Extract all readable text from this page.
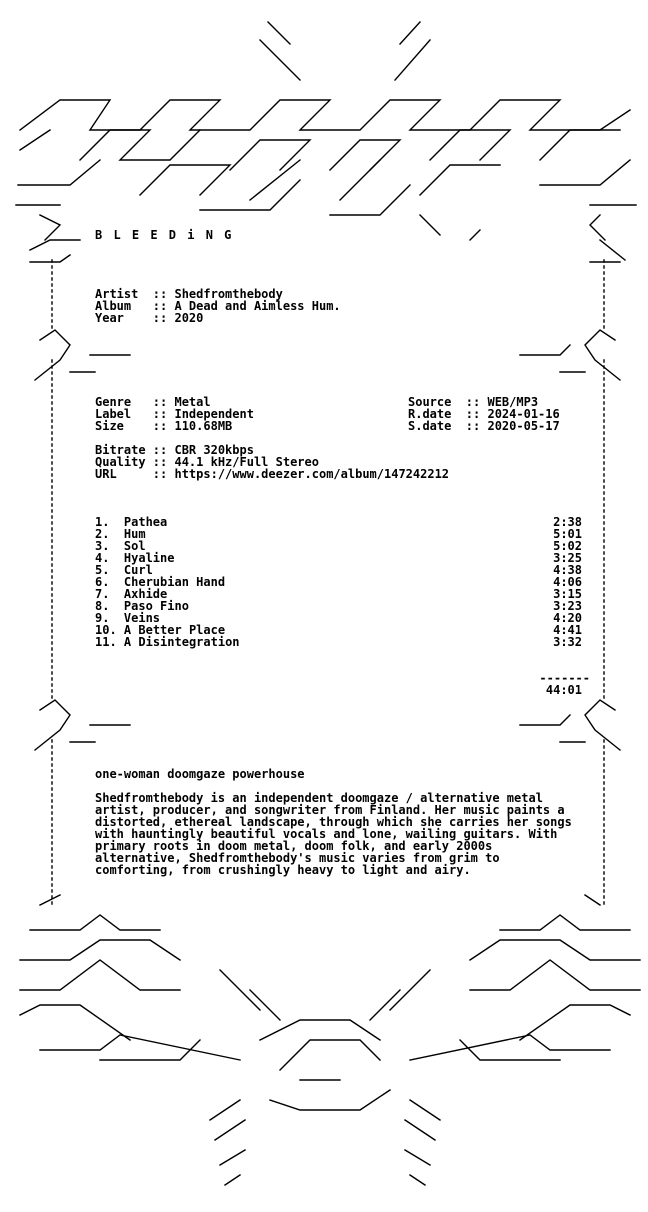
B L E E D i N G
Artist  :: Shedfromthebody
Album   :: A Dead and Aimless Hum.
Year    :: 2020
Genre   :: Metal
Label   :: Independent
Size    :: 110.68MB
Source  :: WEB/MP3
R.date  :: 2024-01-16
S.date  :: 2020-05-17
Bitrate :: CBR 320kbps
Quality :: 44.1 kHz/Full Stereo
URL     :: https://www.deezer.com/album/147242212
1. Pathea	2:38
2. Hum	5:01
3. Sol	5:02
4. Hyaline	3:25
5. Curl	4:38
6. Cherubian Hand	4:06
7. Axhide	3:15
8. Paso Fino	3:23
9. Veins	4:20
10. A Better Place	4:41
11. A Disintegration	3:32
-------
44:01
one-woman doomgaze powerhouse
Shedfromthebody is an independent doomgaze / alternative metal artist, producer, and songwriter from Finland. Her music paints a distorted, ethereal landscape, through which she carries her songs with hauntingly beautiful vocals and lone, wailing guitars. With primary roots in doom metal, doom folk, and early 2000s alternative, Shedfromthebody's music varies from grim to comforting, from crushingly heavy to light and airy.
